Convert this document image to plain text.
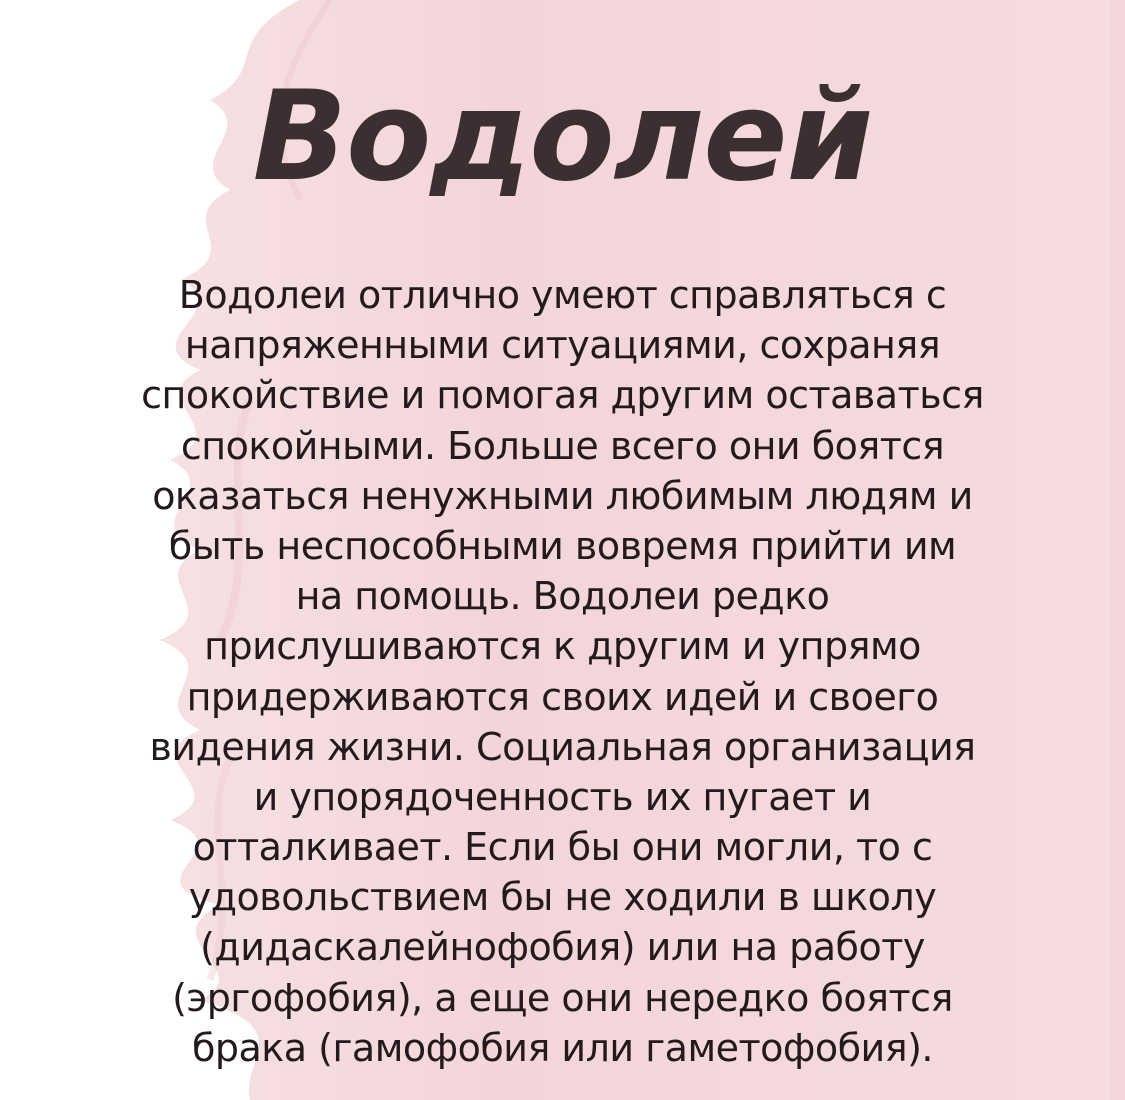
Водолей
Водолеи отлично умеют справляться с
напряженными ситуациями, сохраняя
спокойствие и помогая другим оставаться
спокойными. Больше всего они боятся
оказаться ненужными любимым людям и
быть неспособными вовремя прийти им
на помощь. Водолеи редко
прислушиваются к другим и упрямо
придерживаются своих идей и своего
видения жизни. Социальная организация
и упорядоченность их пугает и
отталкивает. Если бы они могли, то с
удовольствием бы не ходили в школу
(дидаскалейнофобия) или на работу
(эргофобия), а еще они нередко боятся
брака (гамофобия или гаметофобия).
